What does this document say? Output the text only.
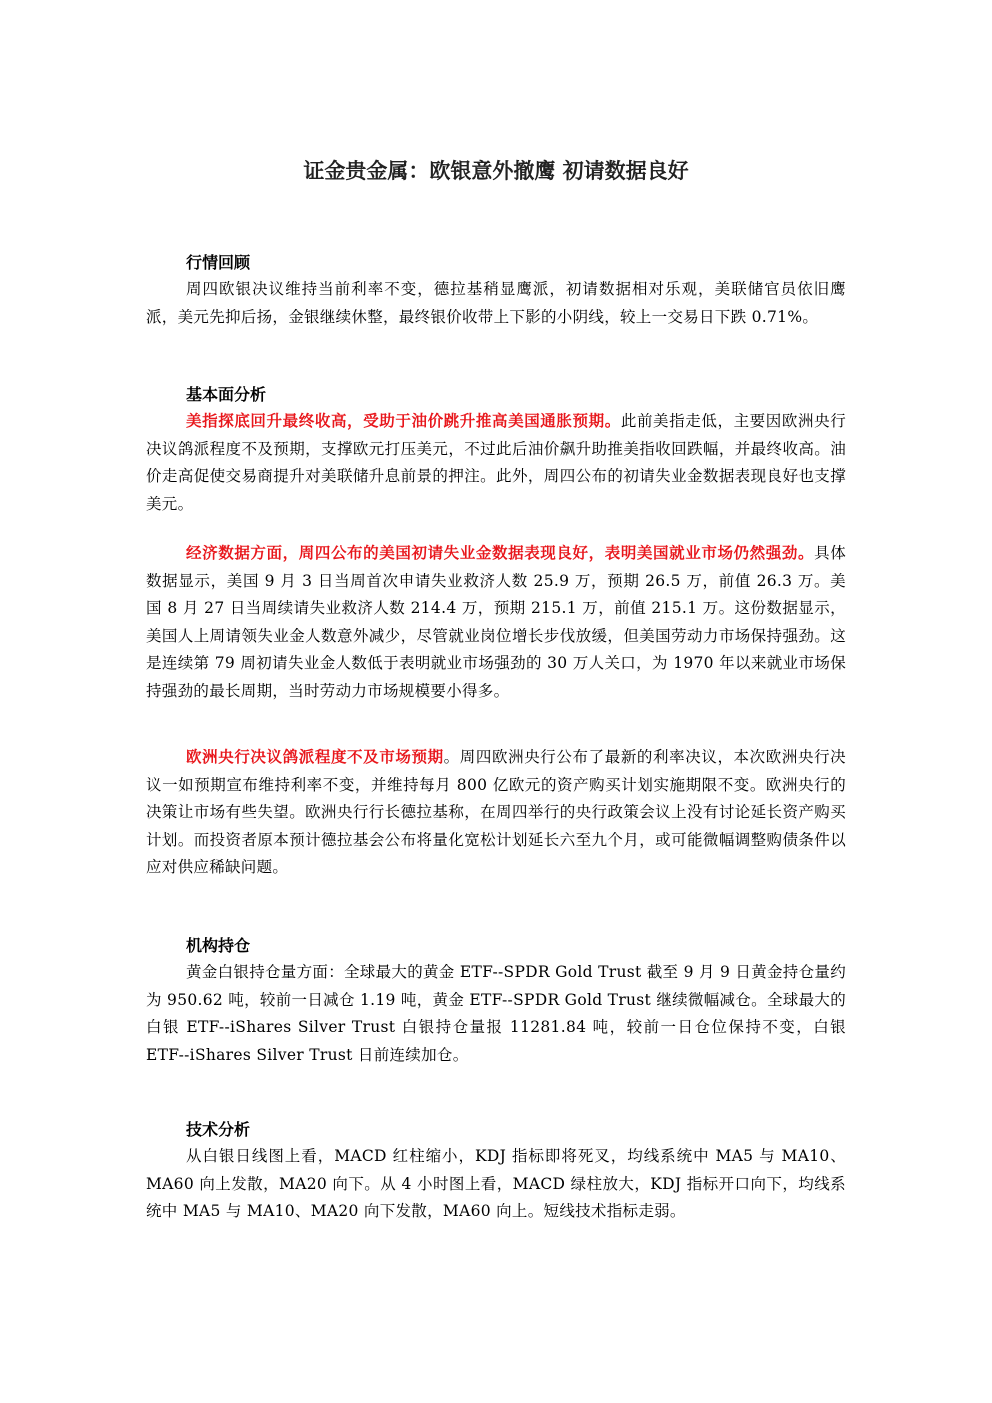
证金贵金属：欧银意外撤鹰 初请数据良好

行情回顾

周四欧银决议维持当前利率不变，德拉基稍显鹰派，初请数据相对乐观，美联储官员依旧鹰派，美元先抑后扬，金银继续休整，最终银价收带上下影的小阴线，较上一交易日下跌 0.71%。

基本面分析

美指探底回升最终收高，受助于油价跳升推高美国通胀预期。此前美指走低，主要因欧洲央行决议鸽派程度不及预期，支撑欧元打压美元，不过此后油价飙升助推美指收回跌幅，并最终收高。油价走高促使交易商提升对美联储升息前景的押注。此外，周四公布的初请失业金数据表现良好也支撑美元。

经济数据方面，周四公布的美国初请失业金数据表现良好，表明美国就业市场仍然强劲。具体数据显示，美国 9 月 3 日当周首次申请失业救济人数 25.9 万，预期 26.5 万，前值 26.3 万。美国 8 月 27 日当周续请失业救济人数 214.4 万，预期 215.1 万，前值 215.1 万。这份数据显示，美国人上周请领失业金人数意外减少，尽管就业岗位增长步伐放缓，但美国劳动力市场保持强劲。这是连续第 79 周初请失业金人数低于表明就业市场强劲的 30 万人关口，为 1970 年以来就业市场保持强劲的最长周期，当时劳动力市场规模要小得多。

欧洲央行决议鸽派程度不及市场预期。周四欧洲央行公布了最新的利率决议，本次欧洲央行决议一如预期宣布维持利率不变，并维持每月 800 亿欧元的资产购买计划实施期限不变。欧洲央行的决策让市场有些失望。欧洲央行行长德拉基称，在周四举行的央行政策会议上没有讨论延长资产购买计划。而投资者原本预计德拉基会公布将量化宽松计划延长六至九个月，或可能微幅调整购债条件以应对供应稀缺问题。

机构持仓

黄金白银持仓量方面：全球最大的黄金 ETF--SPDR Gold Trust 截至 9 月 9 日黄金持仓量约为 950.62 吨，较前一日减仓 1.19 吨，黄金 ETF--SPDR Gold Trust 继续微幅减仓。全球最大的白银 ETF--iShares Silver Trust 白银持仓量报 11281.84 吨，较前一日仓位保持不变，白银 ETF--iShares Silver Trust 日前连续加仓。

技术分析

从白银日线图上看，MACD 红柱缩小，KDJ 指标即将死叉，均线系统中 MA5 与 MA10、MA60 向上发散，MA20 向下。从 4 小时图上看，MACD 绿柱放大，KDJ 指标开口向下，均线系统中 MA5 与 MA10、MA20 向下发散，MA60 向上。短线技术指标走弱。
